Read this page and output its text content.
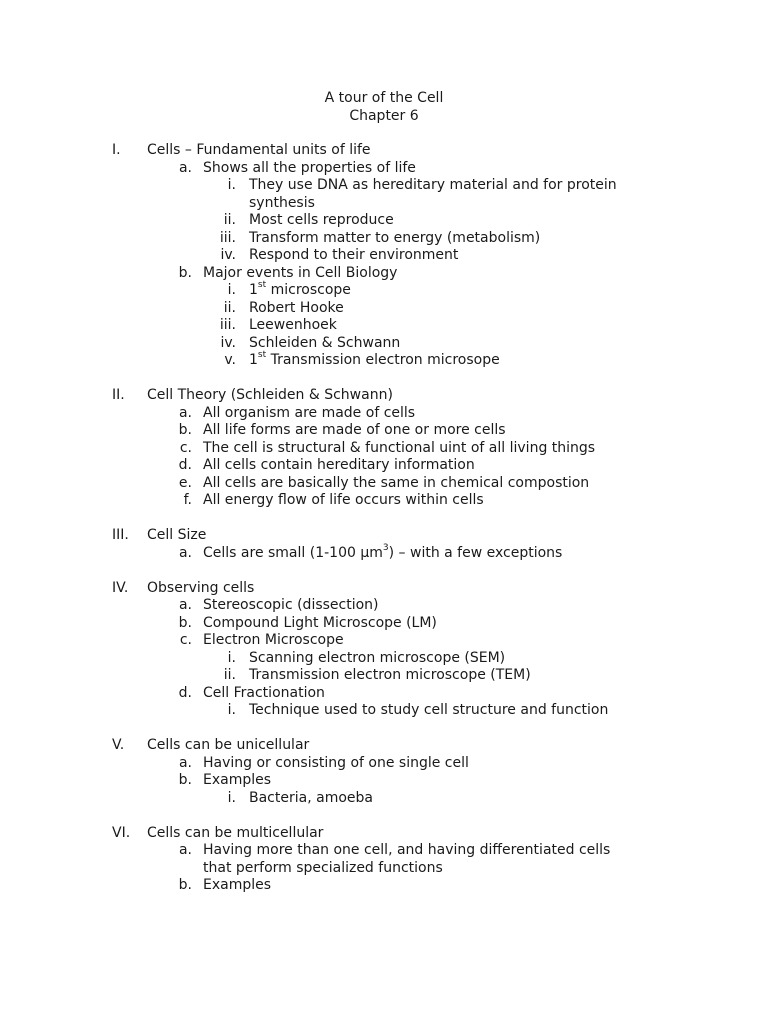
A tour of the Cell
Chapter 6
I. Cells – Fundamental units of life
a. Shows all the properties of life
i. They use DNA as hereditary material and for protein
synthesis
ii. Most cells reproduce
iii. Transform matter to energy (metabolism)
iv. Respond to their environment
b. Major events in Cell Biology
i. 1st microscope
ii. Robert Hooke
iii. Leewenhoek
iv. Schleiden & Schwann
v. 1st Transmission electron microsope
II. Cell Theory (Schleiden & Schwann)
a. All organism are made of cells
b. All life forms are made of one or more cells
c. The cell is structural & functional uint of all living things
d. All cells contain hereditary information
e. All cells are basically the same in chemical compostion
f. All energy flow of life occurs within cells
III. Cell Size
a. Cells are small (1-100 µm$^3$) – with a few exceptions
IV. Observing cells
a. Stereoscopic (dissection)
b. Compound Light Microscope (LM)
c. Electron Microscope
i. Scanning electron microscope (SEM)
ii. Transmission electron microscope (TEM)
d. Cell Fractionation
i. Technique used to study cell structure and function
V. Cells can be unicellular
a. Having or consisting of one single cell
b. Examples
i. Bacteria, amoeba
VI. Cells can be multicellular
a. Having more than one cell, and having differentiated cells
that perform specialized functions
b. Examples
